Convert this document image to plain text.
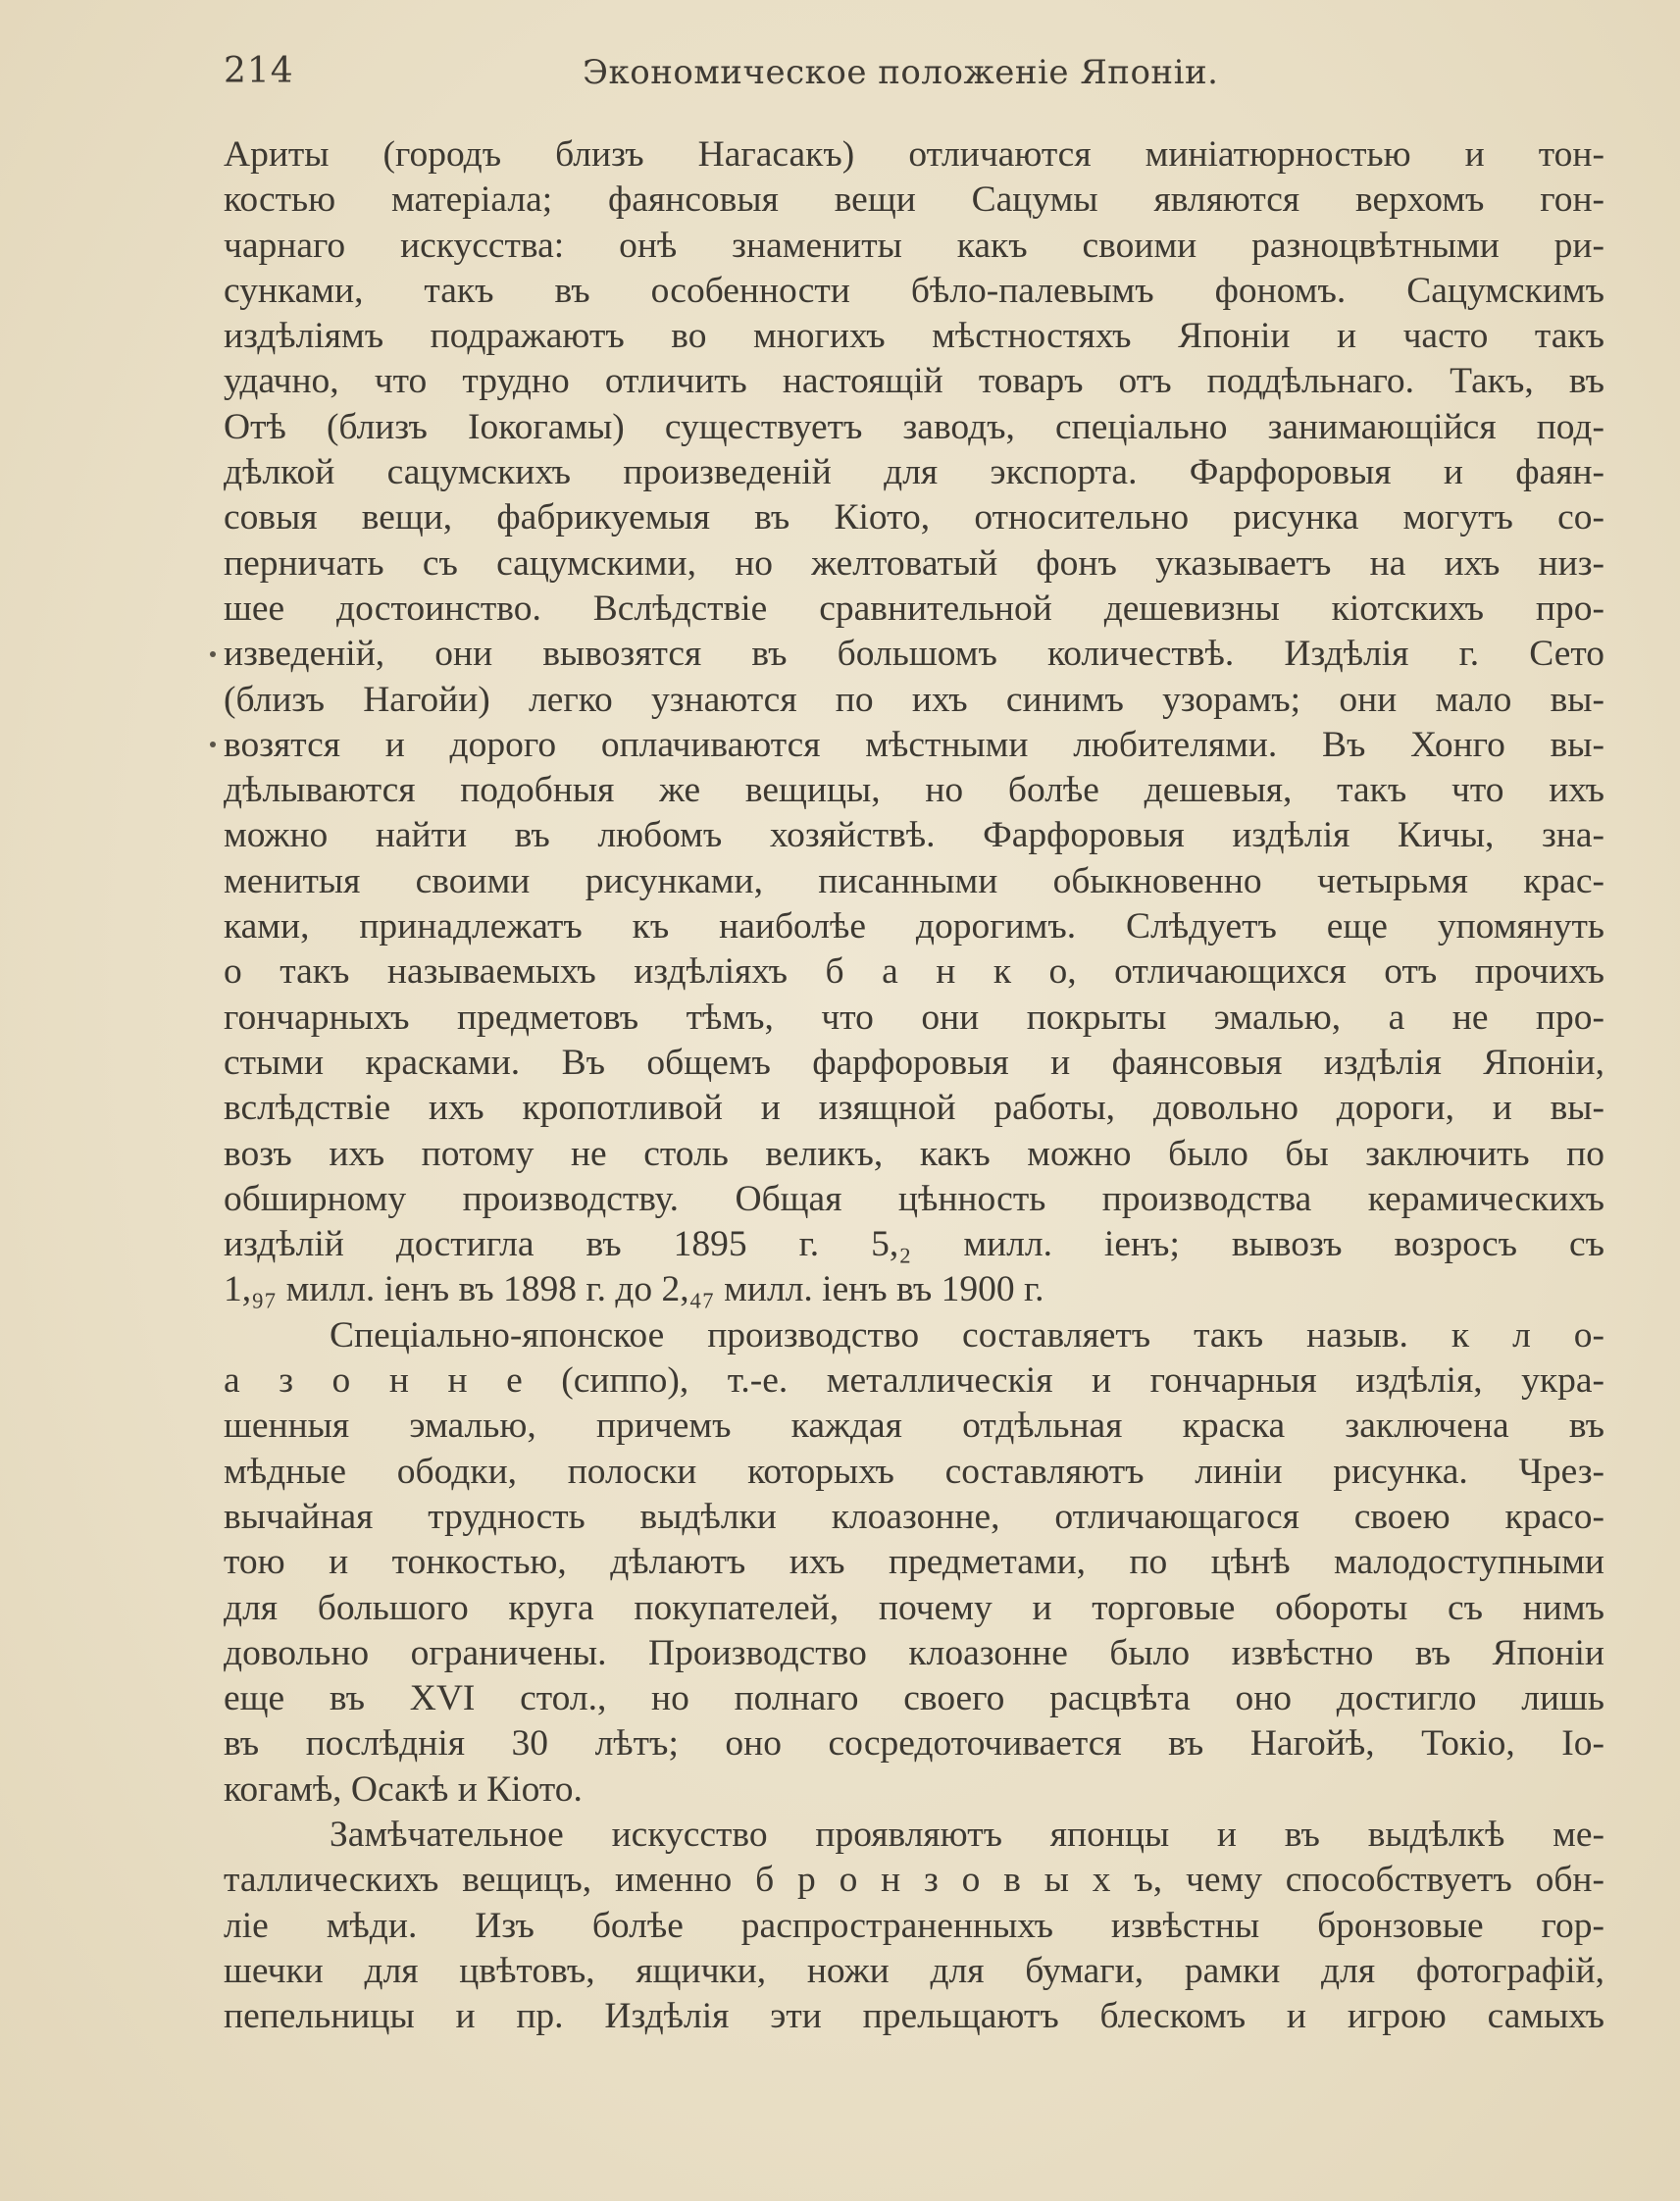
214	Экономическое положеніе Японіи.
Ариты (городъ близъ Нагасакъ) отличаются миніатюрностью и тон-
костью матеріала; фаянсовыя вещи Сацумы являются верхомъ гон-
чарнаго искусства: онѣ знамениты какъ своими разноцвѣтными ри-
сунками, такъ въ особенности бѣло-палевымъ фономъ. Сацумскимъ
издѣліямъ подражаютъ во многихъ мѣстностяхъ Японіи и часто такъ
удачно, что трудно отличить настоящій товаръ отъ поддѣльнаго. Такъ, въ
Отѣ (близъ Іокогамы) существуетъ заводъ, спеціально занимающійся под-
дѣлкой сацумскихъ произведеній для экспорта. Фарфоровыя и фаян-
совыя вещи, фабрикуемыя въ Кіото, относительно рисунка могутъ со-
перничать съ сацумскими, но желтоватый фонъ указываетъ на ихъ низ-
шее достоинство. Вслѣдствіе сравнительной дешевизны кіотскихъ про-
изведеній, они вывозятся въ большомъ количествѣ. Издѣлія г. Сето
(близъ Нагойи) легко узнаются по ихъ синимъ узорамъ; они мало вы-
возятся и дорого оплачиваются мѣстными любителями. Въ Хонго вы-
дѣлываются подобныя же вещицы, но болѣе дешевыя, такъ что ихъ
можно найти въ любомъ хозяйствѣ. Фарфоровыя издѣлія Кичы, зна-
менитыя своими рисунками, писанными обыкновенно четырьмя крас-
ками, принадлежатъ къ наиболѣе дорогимъ. Слѣдуетъ еще упомянуть
о такъ называемыхъ издѣліяхъ б а н к о, отличающихся отъ прочихъ
гончарныхъ предметовъ тѣмъ, что они покрыты эмалью, а не про-
стыми красками. Въ общемъ фарфоровыя и фаянсовыя издѣлія Японіи,
вслѣдствіе ихъ кропотливой и изящной работы, довольно дороги, и вы-
возъ ихъ потому не столь великъ, какъ можно было бы заключить по
обширному производству. Общая цѣнность производства керамическихъ
издѣлій достигла въ 1895 г. 5,₂ милл. іенъ; вывозъ возросъ съ
1,₉₇ милл. іенъ въ 1898 г. до 2,₄₇ милл. іенъ въ 1900 г.
Спеціально-японское производство составляетъ такъ назыв. к л о-
а з о н н е (сиппо), т.-е. металлическія и гончарныя издѣлія, укра-
шенныя эмалью, причемъ каждая отдѣльная краска заключена въ
мѣдные ободки, полоски которыхъ составляютъ линіи рисунка. Чрез-
вычайная трудность выдѣлки клоазонне, отличающагося своею красо-
тою и тонкостью, дѣлаютъ ихъ предметами, по цѣнѣ малодоступными
для большого круга покупателей, почему и торговые обороты съ нимъ
довольно ограничены. Производство клоазонне было извѣстно въ Японіи
еще въ XVI стол., но полнаго своего расцвѣта оно достигло лишь
въ послѣднія 30 лѣтъ; оно сосредоточивается въ Нагойѣ, Токіо, Іо-
когамѣ, Осакѣ и Кіото.
Замѣчательное искусство проявляютъ японцы и въ выдѣлкѣ ме-
таллическихъ вещицъ, именно б р о н з о в ы х ъ, чему способствуетъ обн-
ліе мѣди. Изъ болѣе распространенныхъ извѣстны бронзовые гор-
шечки для цвѣтовъ, ящички, ножи для бумаги, рамки для фотографій,
пепельницы и пр. Издѣлія эти прельщаютъ блескомъ и игрою самыхъ
